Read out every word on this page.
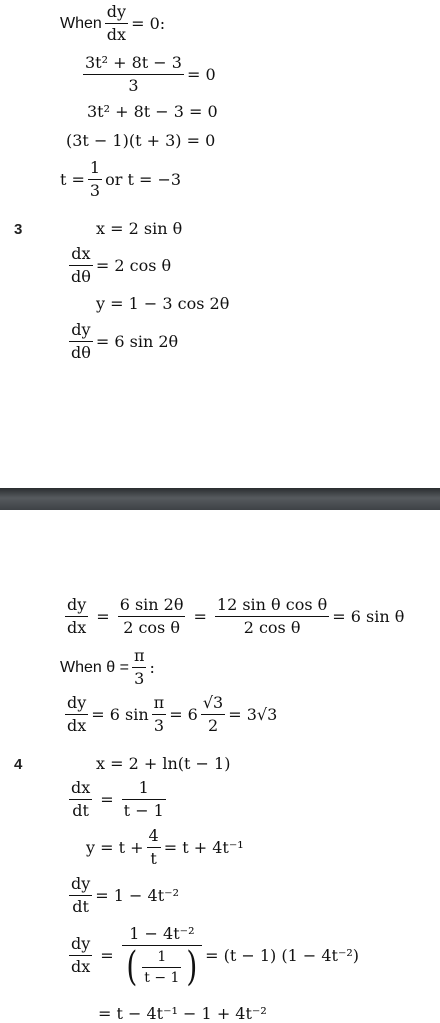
When $\frac{dy}{dx} = 0$:
$\frac{\text{3t² + 8t − 3}}{3} = 0$
3t² + 8t − 3 = 0
(3t − 1)(t + 3) = 0
$t = \frac{1}{3}$ or t = −3
3	x = 2 sin θ
$\frac{dx}{d\theta} = 2$ cos θ
y = 1 − 3 cos 2θ
$\frac{dy}{d\theta} = 6$ sin 2θ
$\frac{dy}{dx} = \frac{6 \sin 2\theta}{\text{2 cos θ}} = \frac{\text{12 sin θ cos θ}}{\text{2 cos θ}} = 6$ sin θ
When $\theta = \frac{\pi}{3}$ :
$\frac{dy}{dx} = 6$ $\sin \frac{\pi}{3} = 6 \frac{√3}{2} = 3√3$
4	x = 2 + ln(t − 1)
$\frac{dx}{dt} = \frac{1}{t - 1}$
$y = t + \frac{4}{t} = t + 4t^{-1}$
$\frac{dy}{dt} = 1 - 4t^{-2}$
$\frac{dy}{dx} = \frac{\text{1 − 4t⁻²}}{( \frac{1}{t - 1} )} = (t - 1) (1 - 4t^{-2})$
= t − 4t⁻¹ − 1 + 4t⁻²
